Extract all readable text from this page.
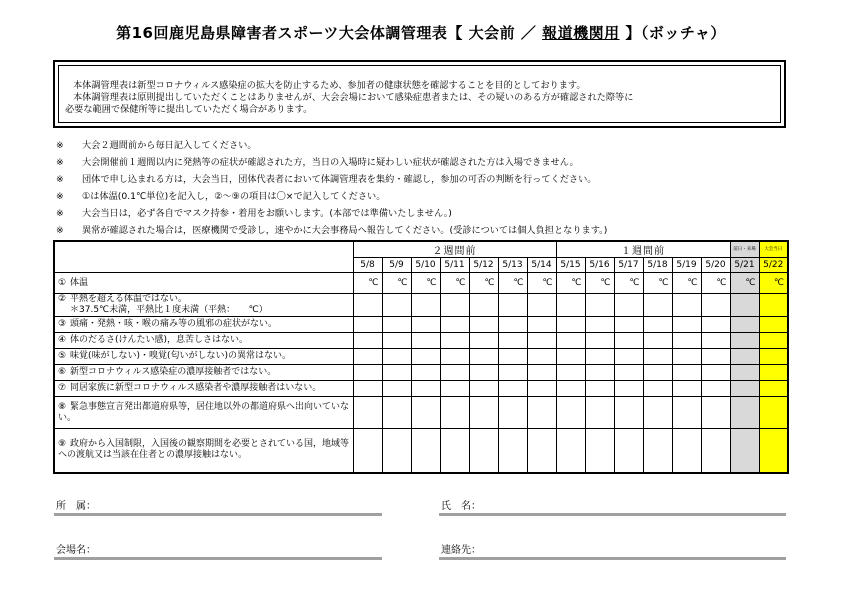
第16回鹿児島県障害者スポーツ大会体調管理表【 大会前 ／ 報道機関用 】（ボッチャ）

本体調管理表は新型コロナウィルス感染症の拡大を防止するため、参加者の健康状態を確認することを目的としております。

本体調管理表は原則提出していただくことはありませんが、大会会場において感染症患者または、その疑いのある方が確認された際等に

必要な範囲で保健所等に提出していただく場合があります。

※ 大会２週間前から毎日記入してください。
※ 大会開催前１週間以内に発熱等の症状が確認された方，当日の入場時に疑わしい症状が確認された方は入場できません。
※ 団体で申し込まれる方は，大会当日，団体代表者において体調管理表を集約・確認し，参加の可否の判断を行ってください。
※ ①は体温(0.1℃単位)を記入し，②～⑨の項目は〇×で記入してください。
※ 大会当日は，必ず各自でマスク持参・着用をお願いします。(本部では準備いたしません。)
※ 異常が確認された場合は，医療機関で受診し，速やかに大会事務局へ報告してください。(受診については個人負担となります。)
	２週間前							１週間前						前日・来場	大会当日
	5/8	5/9	5/10	5/11	5/12	5/13	5/14	5/15	5/16	5/17	5/18	5/19	5/20	5/21	5/22
① 体温	℃	℃	℃	℃	℃	℃	℃	℃	℃	℃	℃	℃	℃	℃	℃
② 平熱を超える体温ではない。
＊37.5℃未満，平熱比１度未満（平熱：　　℃）															

③ 頭痛・発熱・咳・喉の痛み等の風邪の症状がない。															
④ 体のだるさ(けんたい感)，息苦しさはない。															
⑤ 味覚(味がしない)・嗅覚(匂いがしない)の異常はない。															
⑥ 新型コロナウィルス感染症の濃厚接触者ではない。															
⑦ 同居家族に新型コロナウィルス感染者や濃厚接触者はいない。															
⑧ 緊急事態宣言発出都道府県等，居住地以外の都道府県へ出向いていない。															
⑨ 政府から入国制限，入国後の観察期間を必要とされている国，地域等への渡航又は当該在住者との濃厚接触はない。															
所　属：	氏　名：
会場名：	連絡先：
